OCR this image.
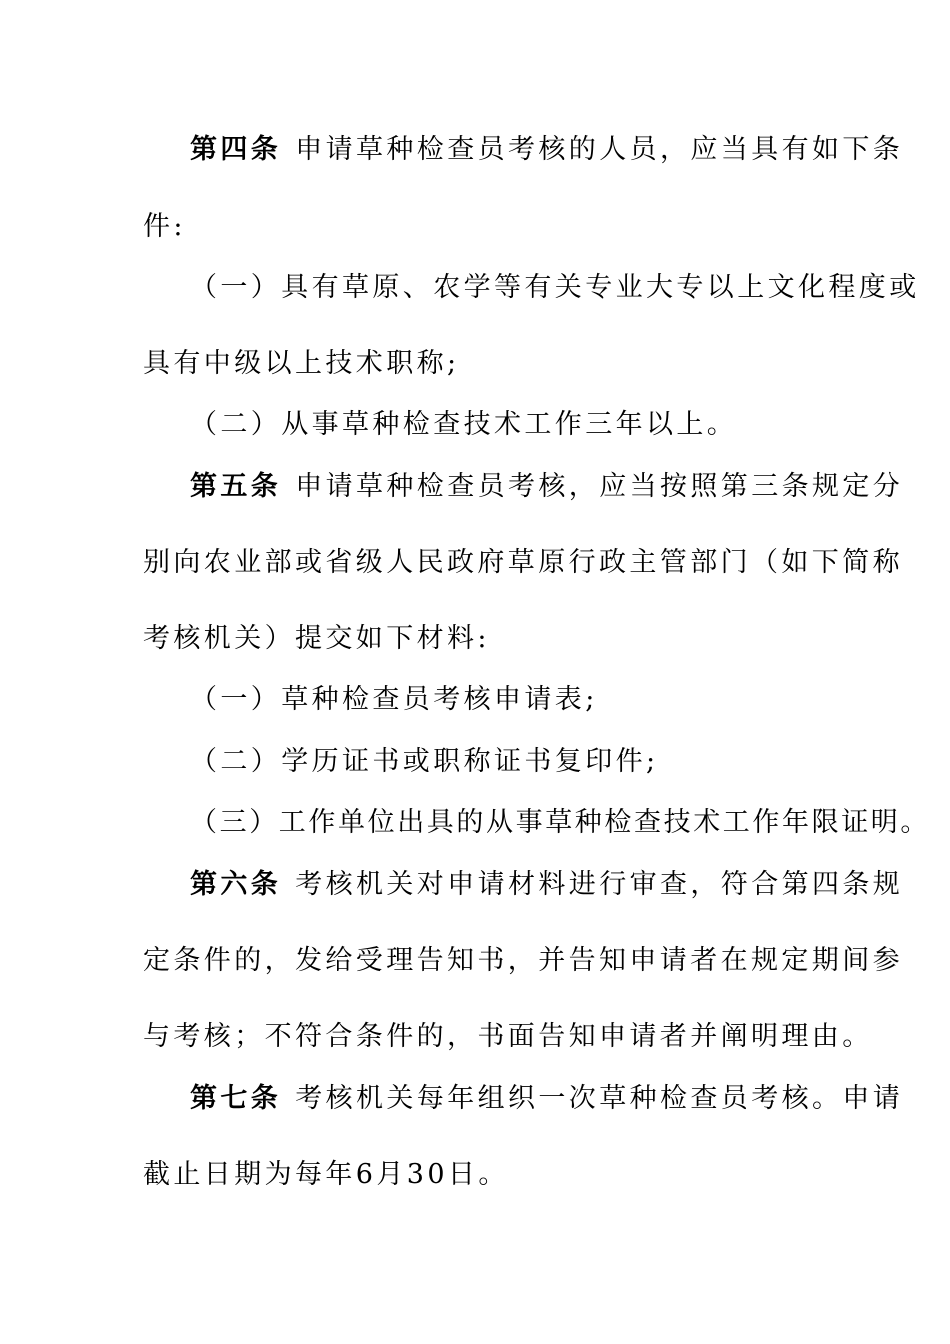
第四条 申请草种检查员考核的人员，应当具有如下条
件:
（一）具有草原、农学等有关专业大专以上文化程度或
具有中级以上技术职称;
（二）从事草种检查技术工作三年以上。
第五条 申请草种检查员考核，应当按照第三条规定分
别向农业部或省级人民政府草原行政主管部门（如下简称
考核机关）提交如下材料:
（一）草种检查员考核申请表;
（二）学历证书或职称证书复印件;
（三）工作单位出具的从事草种检查技术工作年限证明。
第六条 考核机关对申请材料进行审查，符合第四条规
定条件的，发给受理告知书，并告知申请者在规定期间参
与考核；不符合条件的，书面告知申请者并阐明理由。
第七条 考核机关每年组织一次草种检查员考核。申请
截止日期为每年6月30日。
